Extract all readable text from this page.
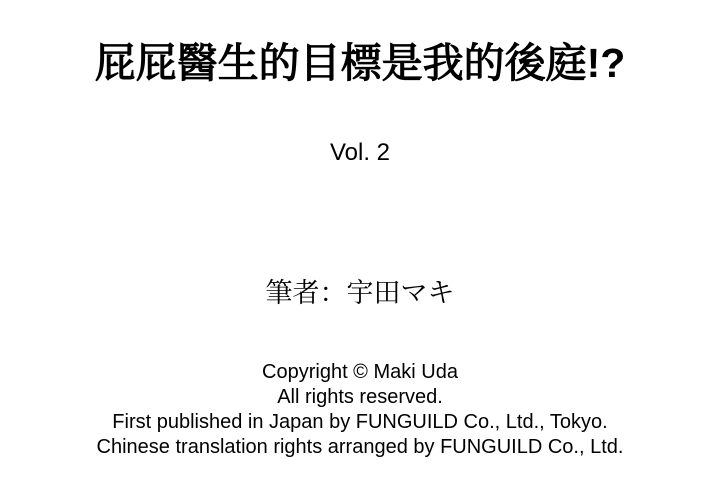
屁屁醫生的目標是我的後庭!?
Vol. 2
筆者：宇田マキ
Copyright © Maki Uda
All rights reserved.
First published in Japan by FUNGUILD Co., Ltd., Tokyo.
Chinese translation rights arranged by FUNGUILD Co., Ltd.
